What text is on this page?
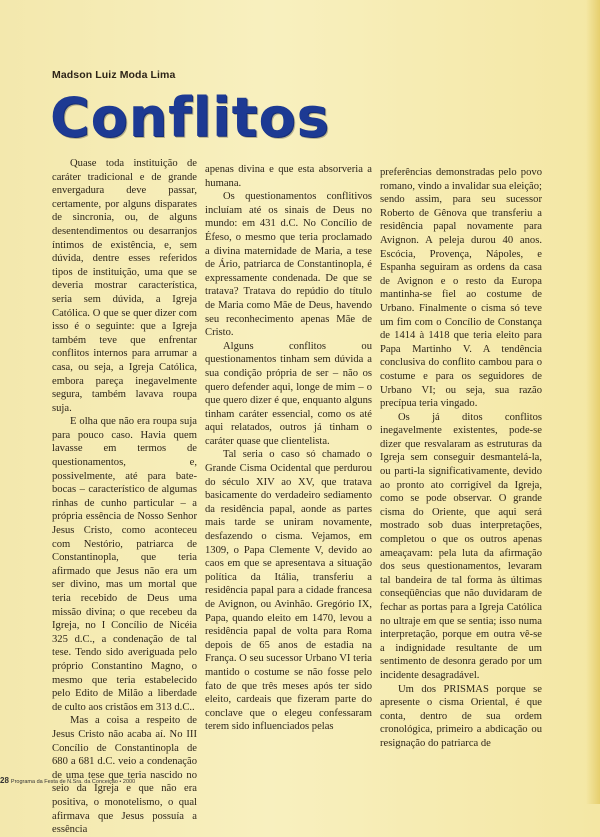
Madson Luiz Moda Lima
Conflitos

Quase toda instituição de caráter tradicional e de grande envergadura deve passar, certamente, por alguns disparates de sincronia, ou, de alguns desentendimentos ou desarranjos íntimos de existência, e, sem dúvida, dentre esses referidos tipos de instituição, uma que se deveria mostrar característica, seria sem dúvida, a Igreja Católica. O que se quer dizer com isso é o seguinte: que a Igreja também teve que enfrentar conflitos internos para arrumar a casa, ou seja, a Igreja Católica, embora pareça inegavelmente segura, também lavava roupa suja.

E olha que não era roupa suja para pouco caso. Havia quem lavasse em termos de questionamentos, e, possivelmente, até para bate-bocas – característico de algumas rinhas de cunho particular – a própria essência de Nosso Senhor Jesus Cristo, como aconteceu com Nestório, patriarca de Constantinopla, que teria afirmado que Jesus não era um ser divino, mas um mortal que teria recebido de Deus uma missão divina; o que recebeu da Igreja, no I Concílio de Nicéia 325 d.C., a condenação de tal tese. Tendo sido averiguada pelo próprio Constantino Magno, o mesmo que teria estabelecido pelo Edito de Milão a liberdade de culto aos cristãos em 313 d.C..

Mas a coisa a respeito de Jesus Cristo não acaba aí. No III Concílio de Constantinopla de 680 a 681 d.C. veio a condenação de uma tese que teria nascido no seio da Igreja e que não era positiva, o monotelismo, o qual afirmava que Jesus possuía a essência

apenas divina e que esta absorveria a humana.

Os questionamentos conflitivos incluíam até os sinais de Deus no mundo: em 431 d.C. No Concílio de Éfeso, o mesmo que teria proclamado a divina maternidade de Maria, a tese de Ário, patriarca de Constantinopla, é expressamente condenada. De que se tratava? Tratava do repúdio do título de Maria como Mãe de Deus, havendo seu reconhecimento apenas Mãe de Cristo.

Alguns conflitos ou questionamentos tinham sem dúvida a sua condição própria de ser – não os quero defender aqui, longe de mim – o que quero dizer é que, enquanto alguns tinham caráter essencial, como os até aqui relatados, outros já tinham o caráter quase que clientelista.

Tal seria o caso só chamado o Grande Cisma Ocidental que perdurou do século XIV ao XV, que tratava basicamente do verdadeiro sediamento da residência papal, aonde as partes mais tarde se uniram novamente, desfazendo o cisma. Vejamos, em 1309, o Papa Clemente V, devido ao caos em que se apresentava a situação política da Itália, transferiu a residência papal para a cidade francesa de Avignon, ou Avinhão. Gregório IX, Papa, quando eleito em 1470, levou a residência papal de volta para Roma depois de 65 anos de estadia na França. O seu sucessor Urbano VI teria mantido o costume se não fosse pelo fato de que três meses após ter sido eleito, cardeais que fizeram parte do conclave que o elegeu confessaram terem sido influenciados pelas

preferências demonstradas pelo povo romano, vindo a invalidar sua eleição; sendo assim, para seu sucessor Roberto de Gênova que transferiu a residência papal novamente para Avignon. A peleja durou 40 anos. Escócia, Provença, Nápoles, e Espanha seguiram as ordens da casa de Avignon e o resto da Europa mantinha-se fiel ao costume de Urbano. Finalmente o cisma só teve um fim com o Concílio de Constança de 1414 à 1418 que teria eleito para Papa Martinho V. A tendência conclusiva do conflito cambou para o costume e para os seguidores de Urbano VI; ou seja, sua razão precípua teria vingado.

Os já ditos conflitos inegavelmente existentes, pode-se dizer que resvalaram as estruturas da Igreja sem conseguir desmantelá-la, ou parti-la significativamente, devido ao pronto ato corrigível da Igreja, como se pode observar. O grande cisma do Oriente, que aqui será mostrado sob duas interpretações, completou o que os outros apenas ameaçavam: pela luta da afirmação dos seus questionamentos, levaram tal bandeira de tal forma às últimas conseqüências que não duvidaram de fechar as portas para a Igreja Católica no ultraje em que se sentia; isso numa interpretação, porque em outra vê-se a indignidade resultante de um sentimento de desonra gerado por um incidente desagradável.

Um dos PRISMAS porque se apresente o cisma Oriental, é que conta, dentro de sua ordem cronológica, primeiro a abdicação ou resignação do patriarca de

28 Programa da Festa de N.Sra. da Conceição • 2000
